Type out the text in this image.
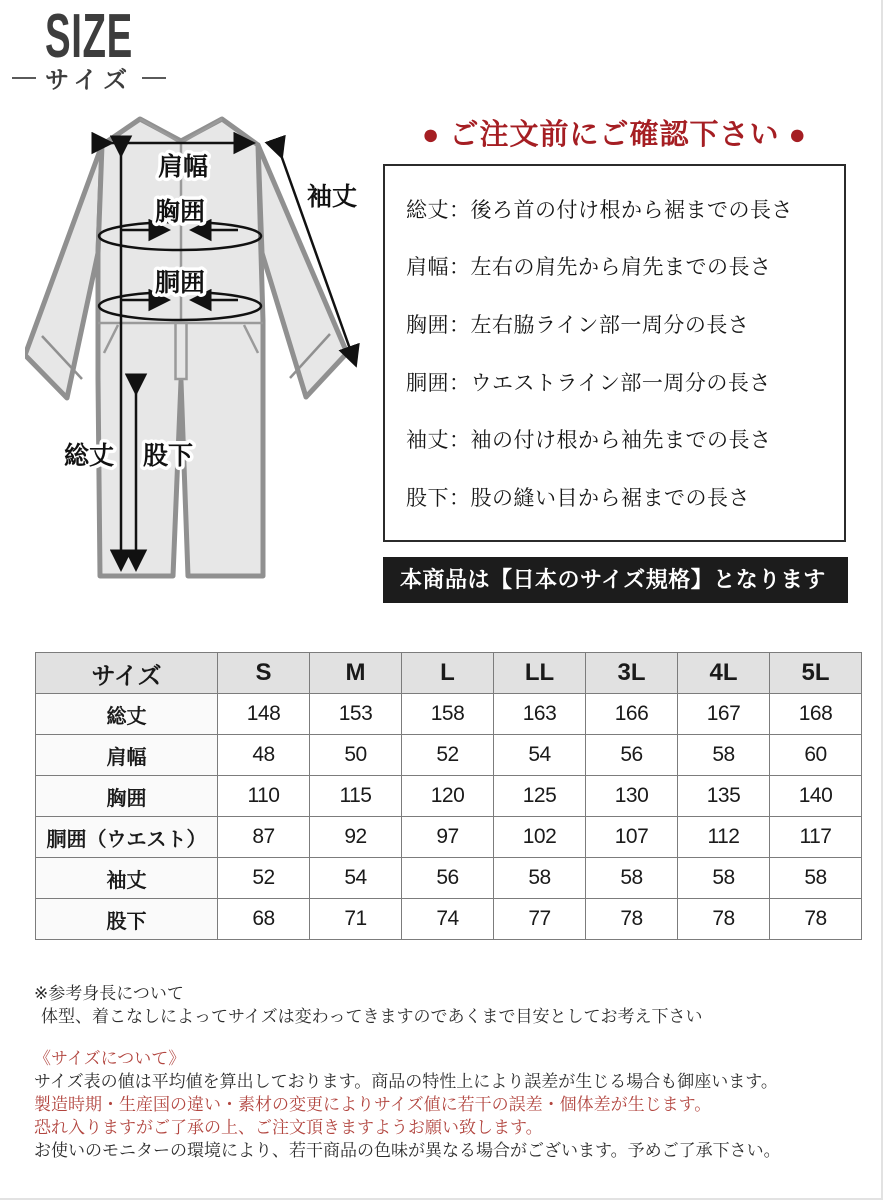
SIZE
サイズ
肩幅
袖丈
胸囲
胴囲
総丈 股下
● ご注文前にご確認下さい ●
総丈：後ろ首の付け根から裾までの長さ
肩幅：左右の肩先から肩先までの長さ
胸囲：左右脇ライン部一周分の長さ
胴囲：ウエストライン部一周分の長さ
袖丈：袖の付け根から袖先までの長さ
股下：股の縫い目から裾までの長さ
本商品は【日本のサイズ規格】となります
サイズ	S	M	L	LL	3L	4L	5L
総丈	148	153	158	163	166	167	168
肩幅	48	50	52	54	56	58	60
胸囲	110	115	120	125	130	135	140
胴囲（ウエスト）	87	92	97	102	107	112	117
袖丈	52	54	56	58	58	58	58
股下	68	71	74	77	78	78	78
※参考身長について
体型、着こなしによってサイズは変わってきますのであくまで目安としてお考え下さい
《サイズについて》
サイズ表の値は平均値を算出しております。商品の特性上により誤差が生じる場合も御座います。
製造時期・生産国の違い・素材の変更によりサイズ値に若干の誤差・個体差が生じます。
恐れ入りますがご了承の上、ご注文頂きますようお願い致します。
お使いのモニターの環境により、若干商品の色味が異なる場合がございます。予めご了承下さい。
